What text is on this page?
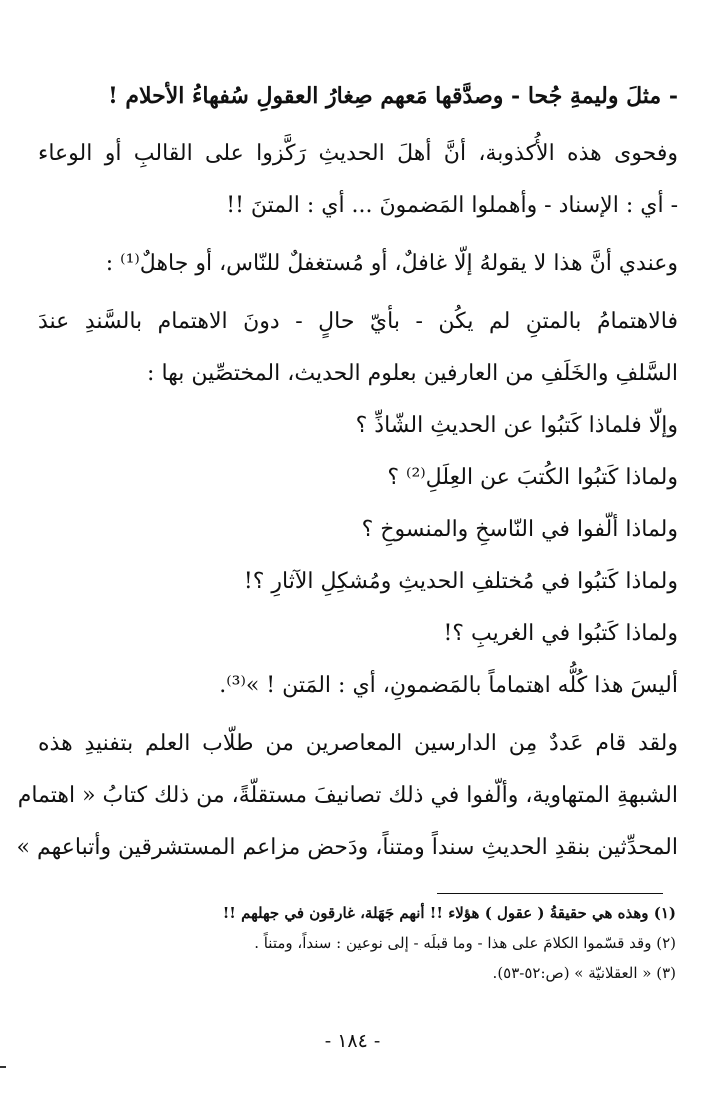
- مثلَ وليمةِ جُحا - وصدَّقها مَعهم صِغارُ العقولِ سُفهاءُ الأحلام !

وفحوى هذه الأُكذوبة، أنَّ أهلَ الحديثِ رَكَّزوا على القالبِ أو الوعاء

- أي : الإسناد - وأهملوا المَضمونَ ... أي : المتنَ !!

وعندي أنَّ هذا لا يقولهُ إلّا غافلٌ، أو مُستغفلٌ للنّاس، أو جاهلٌ⁽¹⁾ :

فالاهتمامُ بالمتنِ لم يكُن - بأيّ حالٍ - دونَ الاهتمام بالسَّندِ عندَ

السَّلفِ والخَلَفِ من العارفين بعلوم الحديث، المختصِّين بها :

وإلّا فلماذا كَتبُوا عن الحديثِ الشّاذِّ ؟

ولماذا كَتبُوا الكُتبَ عن العِلَلِ⁽²⁾ ؟

ولماذا ألّفوا في النّاسخِ والمنسوخِ ؟

ولماذا كَتبُوا في مُختلفِ الحديثِ ومُشكِلِ الآثارِ ؟!

ولماذا كَتبُوا في الغريبِ ؟!

أليسَ هذا كُلُّه اهتماماً بالمَضمونِ، أي : المَتن ! »⁽³⁾.

ولقد قام عَددٌ مِن الدارسين المعاصرين من طلّاب العلم بتفنيدِ هذه

الشبهةِ المتهاوية، وألّفوا في ذلك تصانيفَ مستقلّةً، من ذلك كتابُ « اهتمام

المحدِّثين بنقدِ الحديثِ سنداً ومتناً، ودَحض مزاعم المستشرقين وأتباعهم »

(١) وهذه هي حقيقةُ ( عقول ) هؤلاء !! أنهم جَهَلة، غارقون في جهلهم !!

(٢) وقد قسّموا الكلامَ على هذا - وما قبلَه - إلى نوعين : سنداً، ومتناً .

(٣) « العقلانيّة » (ص:٥٢-٥٣).

- ١٨٤ -
